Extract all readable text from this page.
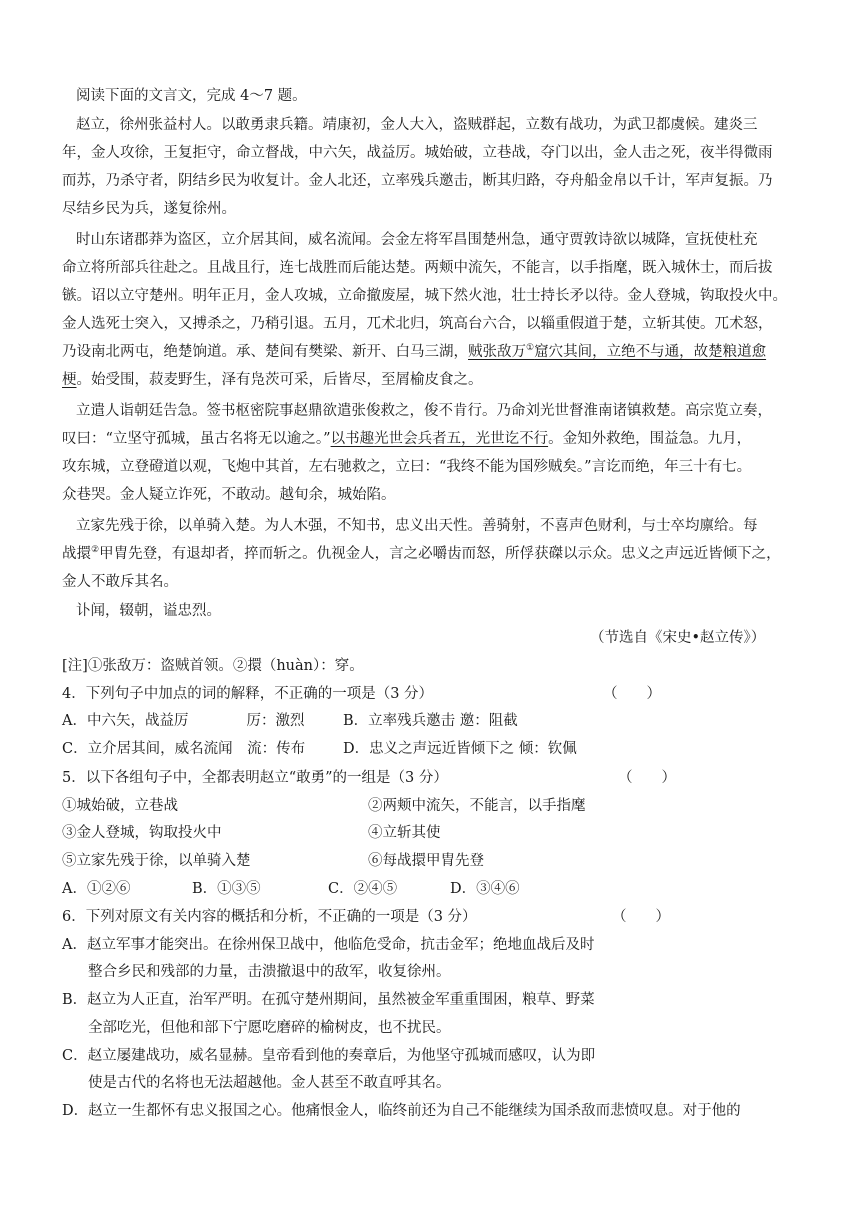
阅读下面的文言文，完成 4～7 题。
赵立，徐州张益村人。以敢勇隶兵籍。靖康初，金人大入，盗贼群起，立数有战功，为武卫都虞候。建炎三
年，金人攻徐，王复拒守，命立督战，中六矢，战益厉。城始破，立巷战，夺门以出，金人击之死，夜半得微雨
而苏，乃杀守者，阴结乡民为收复计。金人北还，立率残兵邀击，断其归路，夺舟船金帛以千计，军声复振。乃
尽结乡民为兵，遂复徐州。
时山东诸郡莽为盗区，立介居其间，威名流闻。会金左将军昌围楚州急，通守贾敦诗欲以城降，宣抚使杜充
命立将所部兵往赴之。且战且行，连七战胜而后能达楚。两颊中流矢，不能言，以手指麾，既入城休士，而后拔
镞。诏以立守楚州。明年正月，金人攻城，立命撤废屋，城下然火池，壮士持长矛以待。金人登城，钩取投火中。
金人选死士突入，又搏杀之，乃稍引退。五月，兀术北归，筑高台六合，以辎重假道于楚，立斩其使。兀术怒，
乃设南北两屯，绝楚饷道。承、楚间有樊梁、新开、白马三湖，贼张敌万①窟穴其间，立绝不与通，故楚粮道愈
梗。始受围，菽麦野生，泽有凫茨可采，后皆尽，至屑榆皮食之。
立遣人诣朝廷告急。签书枢密院事赵鼎欲遣张俊救之，俊不肯行。乃命刘光世督淮南诸镇救楚。高宗览立奏，
叹曰：“立坚守孤城，虽古名将无以逾之。”以书趣光世会兵者五，光世讫不行。金知外救绝，围益急。九月，
攻东城，立登磴道以观，飞炮中其首，左右驰救之，立曰：“我终不能为国殄贼矣。”言讫而绝，年三十有七。
众巷哭。金人疑立诈死，不敢动。越旬余，城始陷。
立家先残于徐，以单骑入楚。为人木强，不知书，忠义出天性。善骑射，不喜声色财利，与士卒均廪给。每
战擐②甲胄先登，有退却者，捽而斩之。仇视金人，言之必嚼齿而怒，所俘获磔以示众。忠义之声远近皆倾下之，
金人不敢斥其名。
讣闻，辍朝，谥忠烈。
（节选自《宋史•赵立传》）
[注]①张敌万：盗贼首领。②擐（huàn）：穿。
4．下列句子中加点的词的解释，不正确的一项是（3 分）	（　　）
A．中六矢，战益厉　　　　厉：激烈	B．立率残兵邀击 邀：阻截
C．立介居其间，威名流闻　流：传布	D．忠义之声远近皆倾下之 倾：钦佩
5．以下各组句子中，全都表明赵立“敢勇”的一组是（3 分）	（　　）
①城始破，立巷战	②两颊中流矢，不能言，以手指麾
③金人登城，钩取投火中	④立斩其使
⑤立家先残于徐，以单骑入楚	⑥每战擐甲胄先登
A．①②⑥	B．①③⑤	C．②④⑤	D．③④⑥
6．下列对原文有关内容的概括和分析，不正确的一项是（3 分）	（　　）
A．赵立军事才能突出。在徐州保卫战中，他临危受命，抗击金军；绝地血战后及时
整合乡民和残部的力量，击溃撤退中的敌军，收复徐州。
B．赵立为人正直，治军严明。在孤守楚州期间，虽然被金军重重围困，粮草、野菜
全部吃光，但他和部下宁愿吃磨碎的榆树皮，也不扰民。
C．赵立屡建战功，威名显赫。皇帝看到他的奏章后，为他坚守孤城而感叹，认为即
使是古代的名将也无法超越他。金人甚至不敢直呼其名。
D．赵立一生都怀有忠义报国之心。他痛恨金人，临终前还为自己不能继续为国杀敌而悲愤叹息。对于他的
